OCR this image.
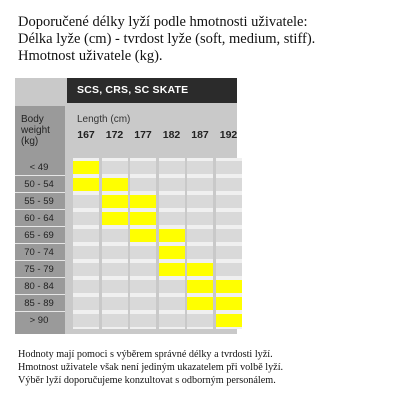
Doporučené délky lyží podle hmotnosti uživatele:
Délka lyže (cm) - tvrdost lyže (soft, medium, stiff).
Hmotnost uživatele (kg).
SCS, CRS, SC SKATE
Body
weight
(kg)
< 49
50 - 54
55 - 59
60 - 64
65 - 69
70 - 74
75 - 79
80 - 84
85 - 89
> 90
Length (cm)
167	172	177	182	187	192
Hodnoty mají pomoci s výběrem správné délky a tvrdosti lyží.
Hmotnost uživatele však není jediným ukazatelem při volbě lyží.
Výběr lyží doporučujeme konzultovat s odborným personálem.
